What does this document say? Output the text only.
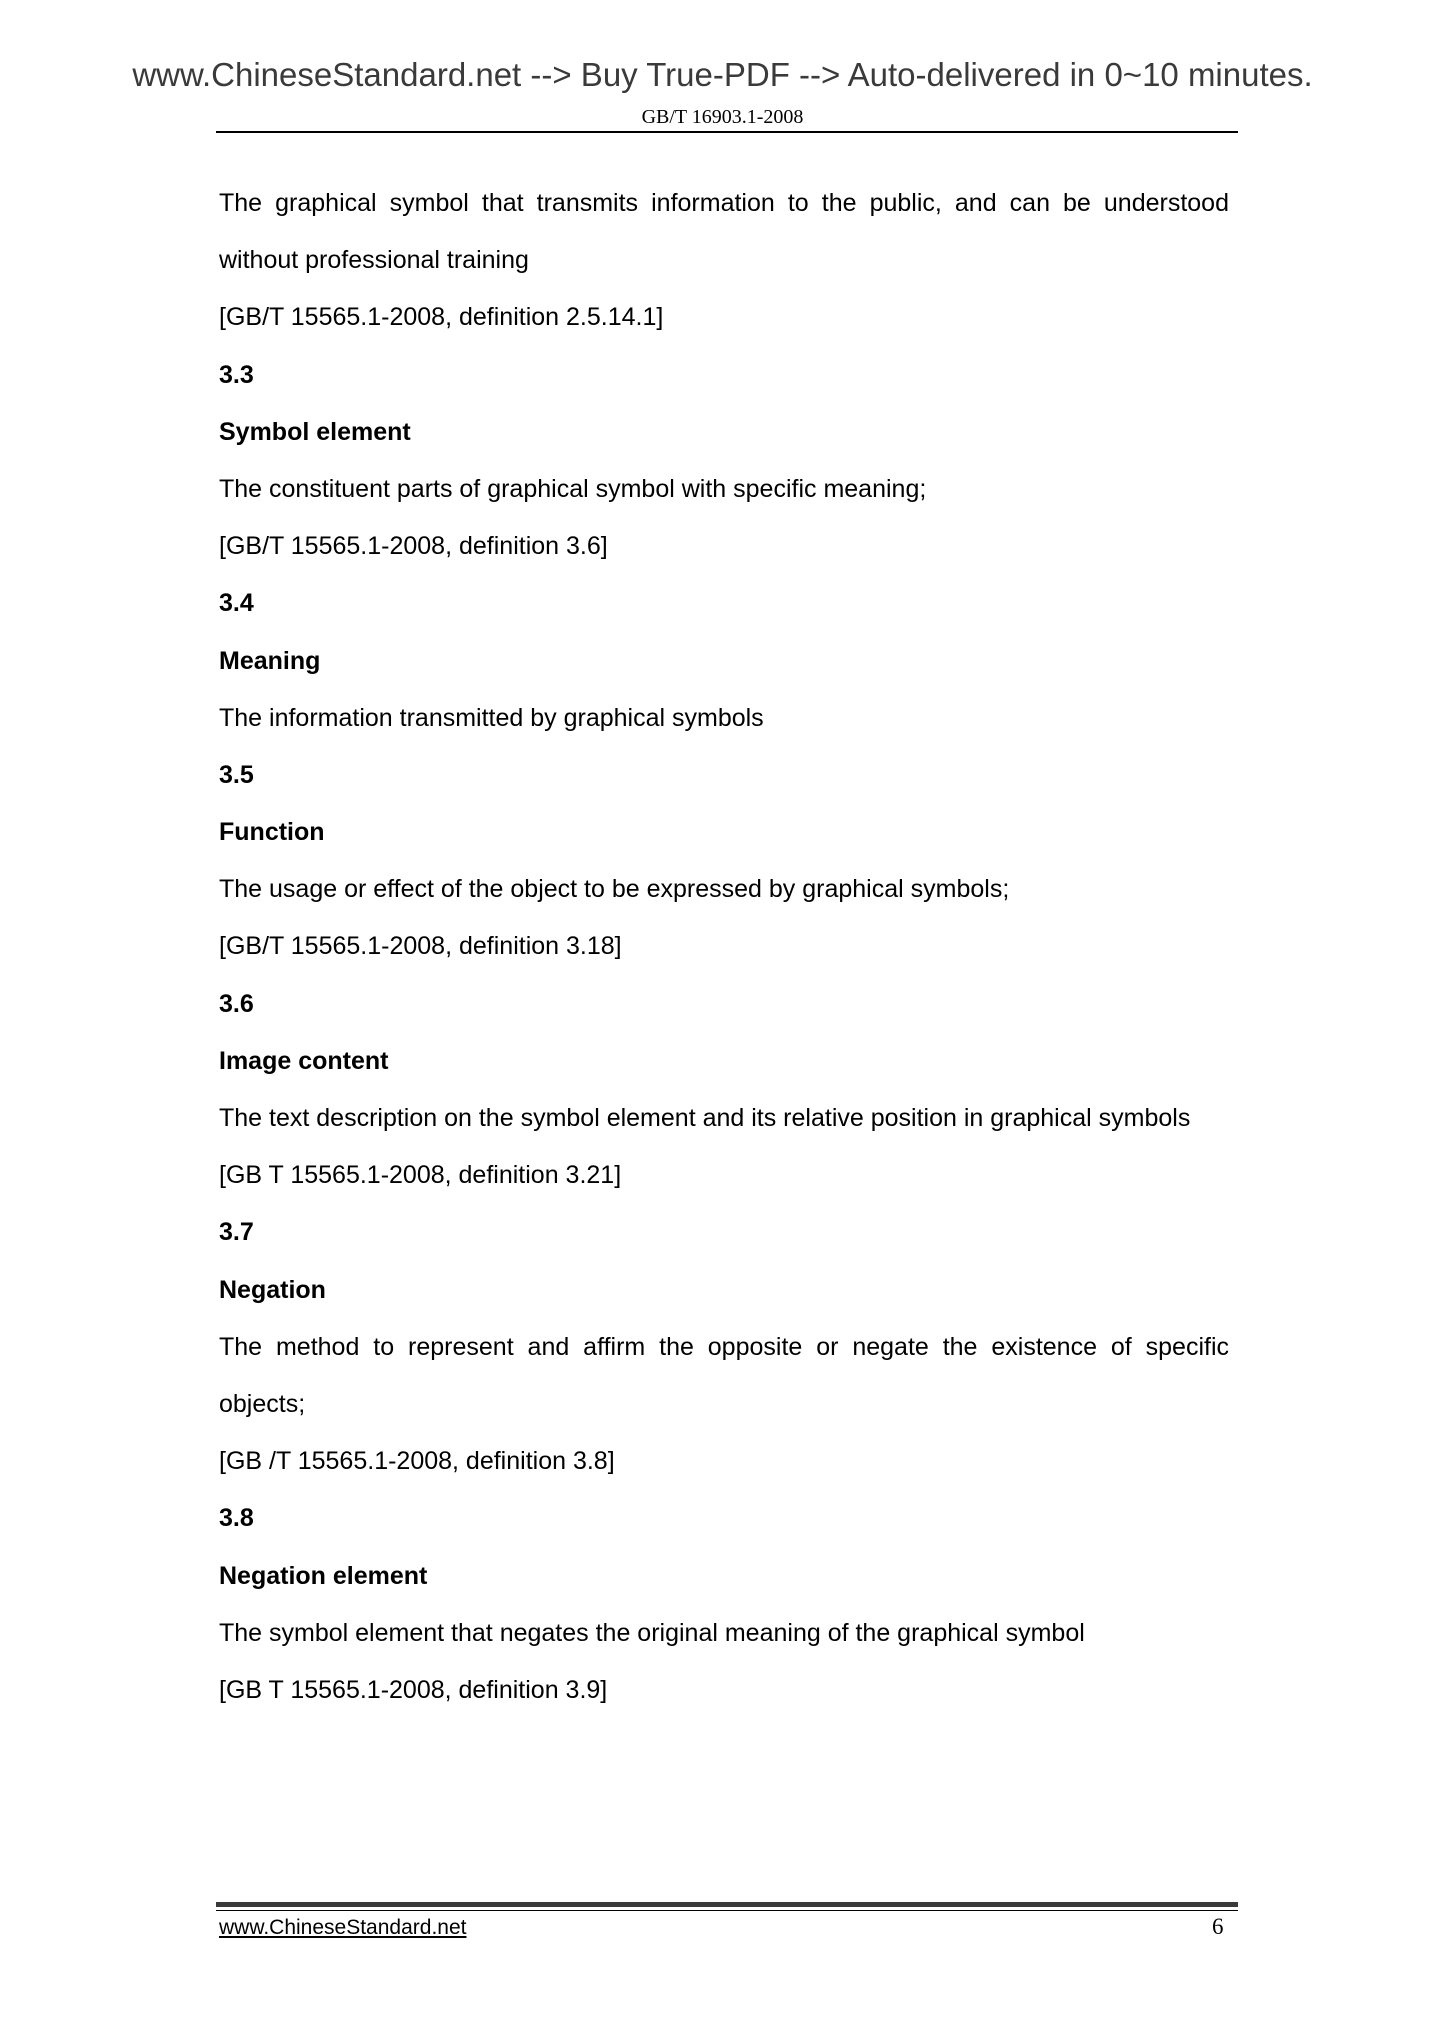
www.ChineseStandard.net --> Buy True-PDF --> Auto-delivered in 0~10 minutes.
GB/T 16903.1-2008
The graphical symbol that transmits information to the public, and can be understood
without professional training
[GB/T 15565.1-2008, definition 2.5.14.1]
3.3
Symbol element
The constituent parts of graphical symbol with specific meaning;
[GB/T 15565.1-2008, definition 3.6]
3.4
Meaning
The information transmitted by graphical symbols
3.5
Function
The usage or effect of the object to be expressed by graphical symbols;
[GB/T 15565.1-2008, definition 3.18]
3.6
Image content
The text description on the symbol element and its relative position in graphical symbols
[GB T 15565.1-2008, definition 3.21]
3.7
Negation
The method to represent and affirm the opposite or negate the existence of specific
objects;
[GB /T 15565.1-2008, definition 3.8]
3.8
Negation element
The symbol element that negates the original meaning of the graphical symbol
[GB T 15565.1-2008, definition 3.9]
www.ChineseStandard.net	6
